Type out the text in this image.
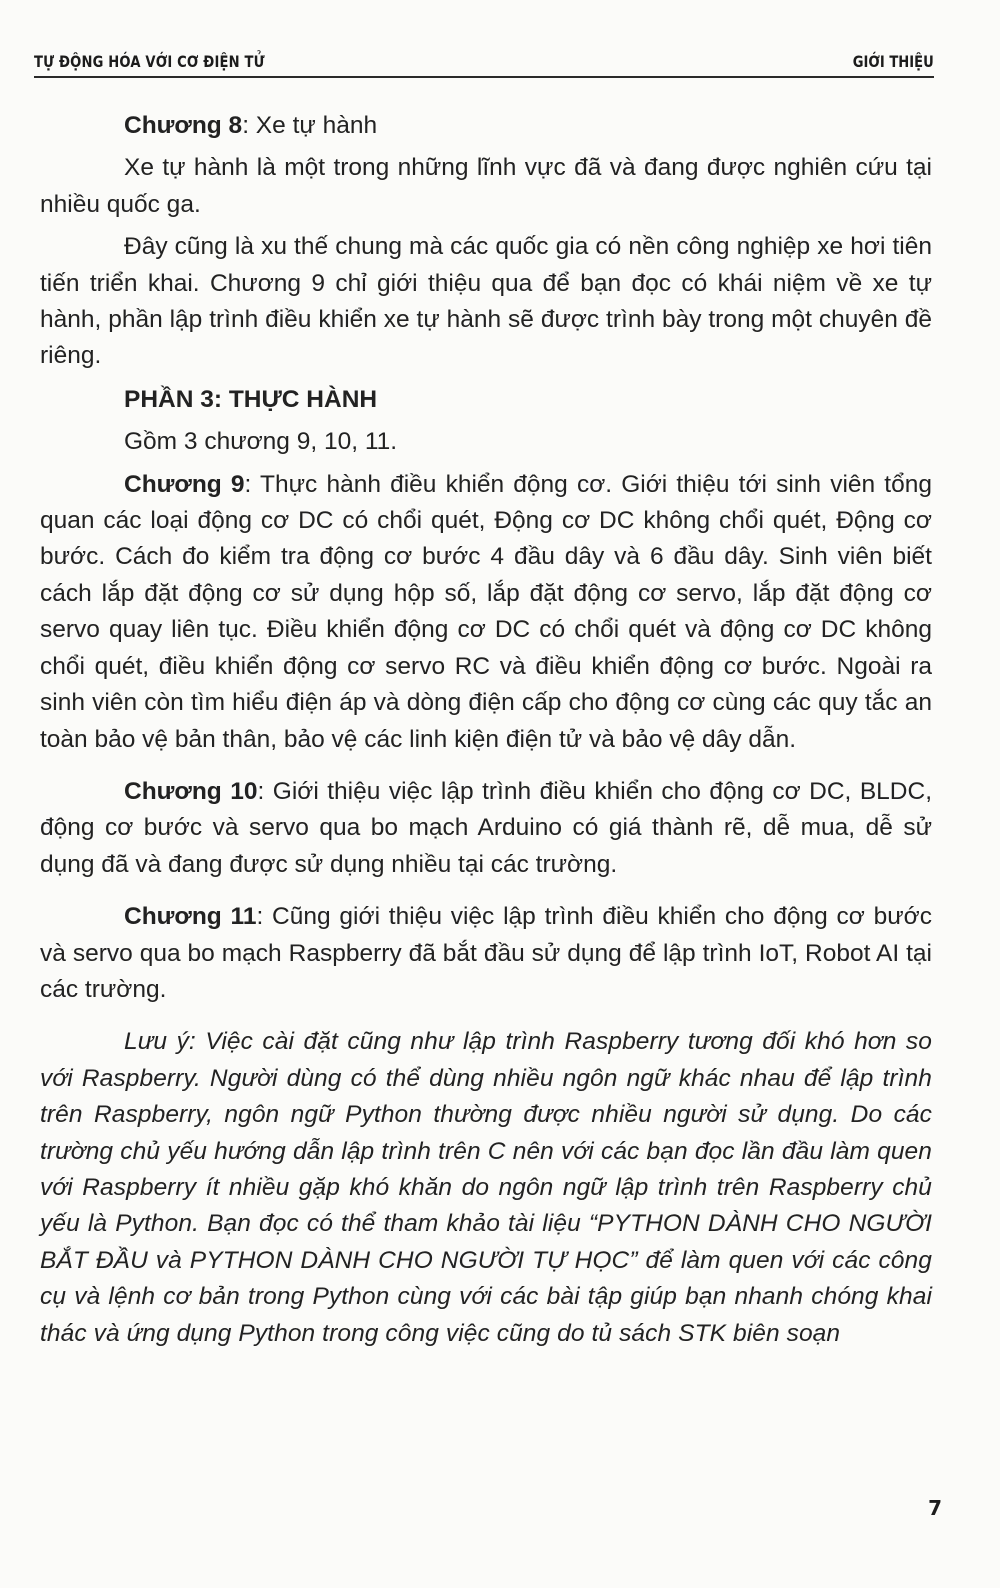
TỰ ĐỘNG HÓA VỚI CƠ ĐIỆN TỬ	GIỚI THIỆU

Chương 8: Xe tự hành

Xe tự hành là một trong những lĩnh vực đã và đang được nghiên cứu tại nhiều quốc ga.

Đây cũng là xu thế chung mà các quốc gia có nền công nghiệp xe hơi tiên tiến triển khai. Chương 9 chỉ giới thiệu qua để bạn đọc có khái niệm về xe tự hành, phần lập trình điều khiển xe tự hành sẽ được trình bày trong một chuyên đề riêng.

PHẦN 3: THỰC HÀNH

Gồm 3 chương 9, 10, 11.

Chương 9: Thực hành điều khiển động cơ. Giới thiệu tới sinh viên tổng quan các loại động cơ DC có chổi quét, Động cơ DC không chổi quét, Động cơ bước. Cách đo kiểm tra động cơ bước 4 đầu dây và 6 đầu dây. Sinh viên biết cách lắp đặt động cơ sử dụng hộp số, lắp đặt động cơ servo, lắp đặt động cơ servo quay liên tục. Điều khiển động cơ DC có chổi quét và động cơ DC không chổi quét, điều khiển động cơ servo RC và điều khiển động cơ bước. Ngoài ra sinh viên còn tìm hiểu điện áp và dòng điện cấp cho động cơ cùng các quy tắc an toàn bảo vệ bản thân, bảo vệ các linh kiện điện tử và bảo vệ dây dẫn.

Chương 10: Giới thiệu việc lập trình điều khiển cho động cơ DC, BLDC, động cơ bước và servo qua bo mạch Arduino có giá thành rẽ, dễ mua, dễ sử dụng đã và đang được sử dụng nhiều tại các trường.

Chương 11: Cũng giới thiệu việc lập trình điều khiển cho động cơ bước và servo qua bo mạch Raspberry đã bắt đầu sử dụng để lập trình IoT, Robot AI tại các trường.

Lưu ý: Việc cài đặt cũng như lập trình Raspberry tương đối khó hơn so với Raspberry. Người dùng có thể dùng nhiều ngôn ngữ khác nhau để lập trình trên Raspberry, ngôn ngữ Python thường được nhiều người sử dụng. Do các trường chủ yếu hướng dẫn lập trình trên C nên với các bạn đọc lần đầu làm quen với Raspberry ít nhiều gặp khó khăn do ngôn ngữ lập trình trên Raspberry chủ yếu là Python. Bạn đọc có thể tham khảo tài liệu “PYTHON DÀNH CHO NGƯỜI BẮT ĐẦU và PYTHON DÀNH CHO NGƯỜI TỰ HỌC” để làm quen với các công cụ và lệnh cơ bản trong Python cùng với các bài tập giúp bạn nhanh chóng khai thác và ứng dụng Python trong công việc cũng do tủ sách STK biên soạn

7
